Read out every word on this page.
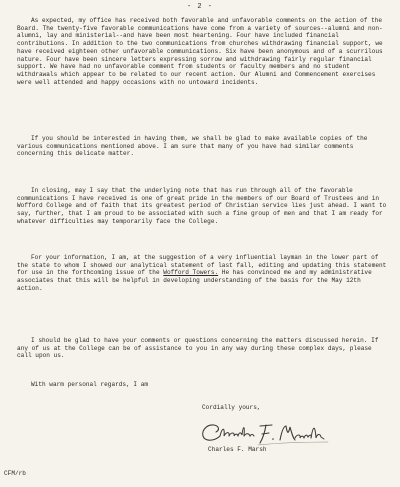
- 2 -

As expected, my office has received both favorable and unfavorable comments on the action of the Board. The twenty-five favorable communications have come from a variety of sources--alumni and non-alumni, lay and ministerial--and have been most heartening. Four have included financial contributions. In addition to the two communications from churches withdrawing financial support, we have received eighteen other unfavorable communications. Six have been anonymous and of a scurrilous nature. Four have been sincere letters expressing sorrow and withdrawing fairly regular financial support. We have had no unfavorable comment from students or faculty members and no student withdrawals which appear to be related to our recent action. Our Alumni and Commencement exercises were well attended and happy occasions with no untoward incidents.

If you should be interested in having them, we shall be glad to make available copies of the various communications mentioned above. I am sure that many of you have had similar comments concerning this delicate matter.

In closing, may I say that the underlying note that has run through all of the favorable communications I have received is one of great pride in the members of our Board of Trustees and in Wofford College and of faith that its greatest period of Christian service lies just ahead. I want to say, further, that I am proud to be associated with such a fine group of men and that I am ready for whatever difficulties may temporarily face the College.

For your information, I am, at the suggestion of a very influential layman in the lower part of the state to whom I showed our analytical statement of last fall, editing and updating this statement for use in the forthcoming issue of the Wofford Towers. He has convinced me and my administrative associates that this will be helpful in developing understanding of the basis for the May 12th action.

I should be glad to have your comments or questions concerning the matters discussed herein. If any of us at the College can be of assistance to you in any way during these complex days, please call upon us.

With warm personal regards, I am

Cordially yours,

Charles F. Marsh

CFM/rb
